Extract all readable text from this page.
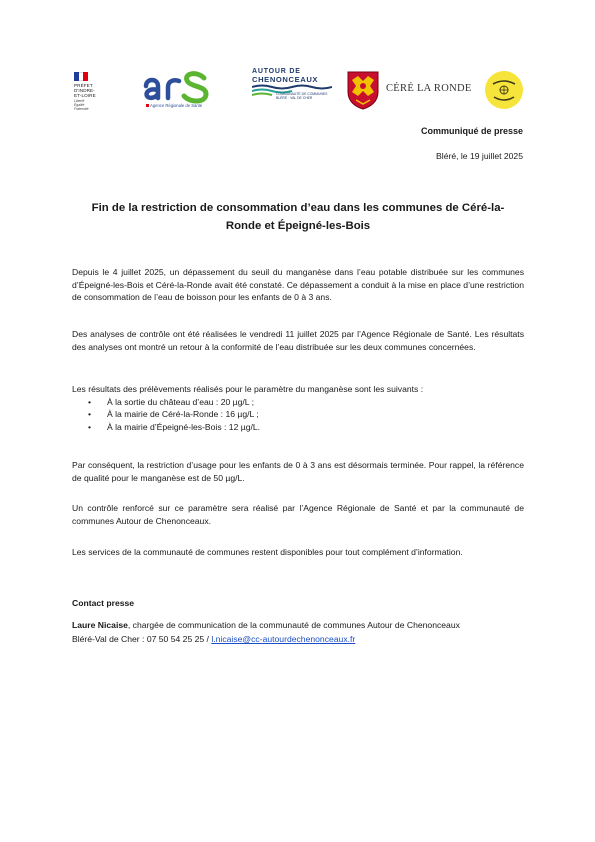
PRÉFET
D'INDRE-
ET-LOIRE
Liberté
Égalité
Fraternité
Agence Régionale de Santé
AUTOUR DE
CHENONCEAUX
COMMUNAUTÉ DE COMMUNES
BLÉRÉ · VAL DE CHER
CÉRÉ LA RONDE
Communiqué de presse
Bléré, le 19 juillet 2025
Fin de la restriction de consommation d’eau dans les communes de Céré-la-
Ronde et Épeigné-les-Bois

Depuis le 4 juillet 2025, un dépassement du seuil du manganèse dans l’eau potable distribuée sur les communes d’Épeigné-les-Bois et Céré-la-Ronde avait été constaté. Ce dépassement a conduit à la mise en place d’une restriction de consommation de l’eau de boisson pour les enfants de 0 à 3 ans.

Des analyses de contrôle ont été réalisées le vendredi 11 juillet 2025 par l’Agence Régionale de Santé. Les résultats des analyses ont montré un retour à la conformité de l’eau distribuée sur les deux communes concernées.

Les résultats des prélèvements réalisés pour le paramètre du manganèse sont les suivants :

• À la sortie du château d’eau : 20 µg/L ;
• À la mairie de Céré-la-Ronde : 16 µg/L ;
• À la mairie d’Épeigné-les-Bois : 12 µg/L.

Par conséquent, la restriction d’usage pour les enfants de 0 à 3 ans est désormais terminée. Pour rappel, la référence de qualité pour le manganèse est de 50 µg/L.

Un contrôle renforcé sur ce paramètre sera réalisé par l’Agence Régionale de Santé et par la communauté de communes Autour de Chenonceaux.

Les services de la communauté de communes restent disponibles pour tout complément d’information.

Contact presse
Laure Nicaise, chargée de communication de la communauté de communes Autour de Chenonceaux
Bléré-Val de Cher : 07 50 54 25 25 / l.nicaise@cc-autourdechenonceaux.fr
